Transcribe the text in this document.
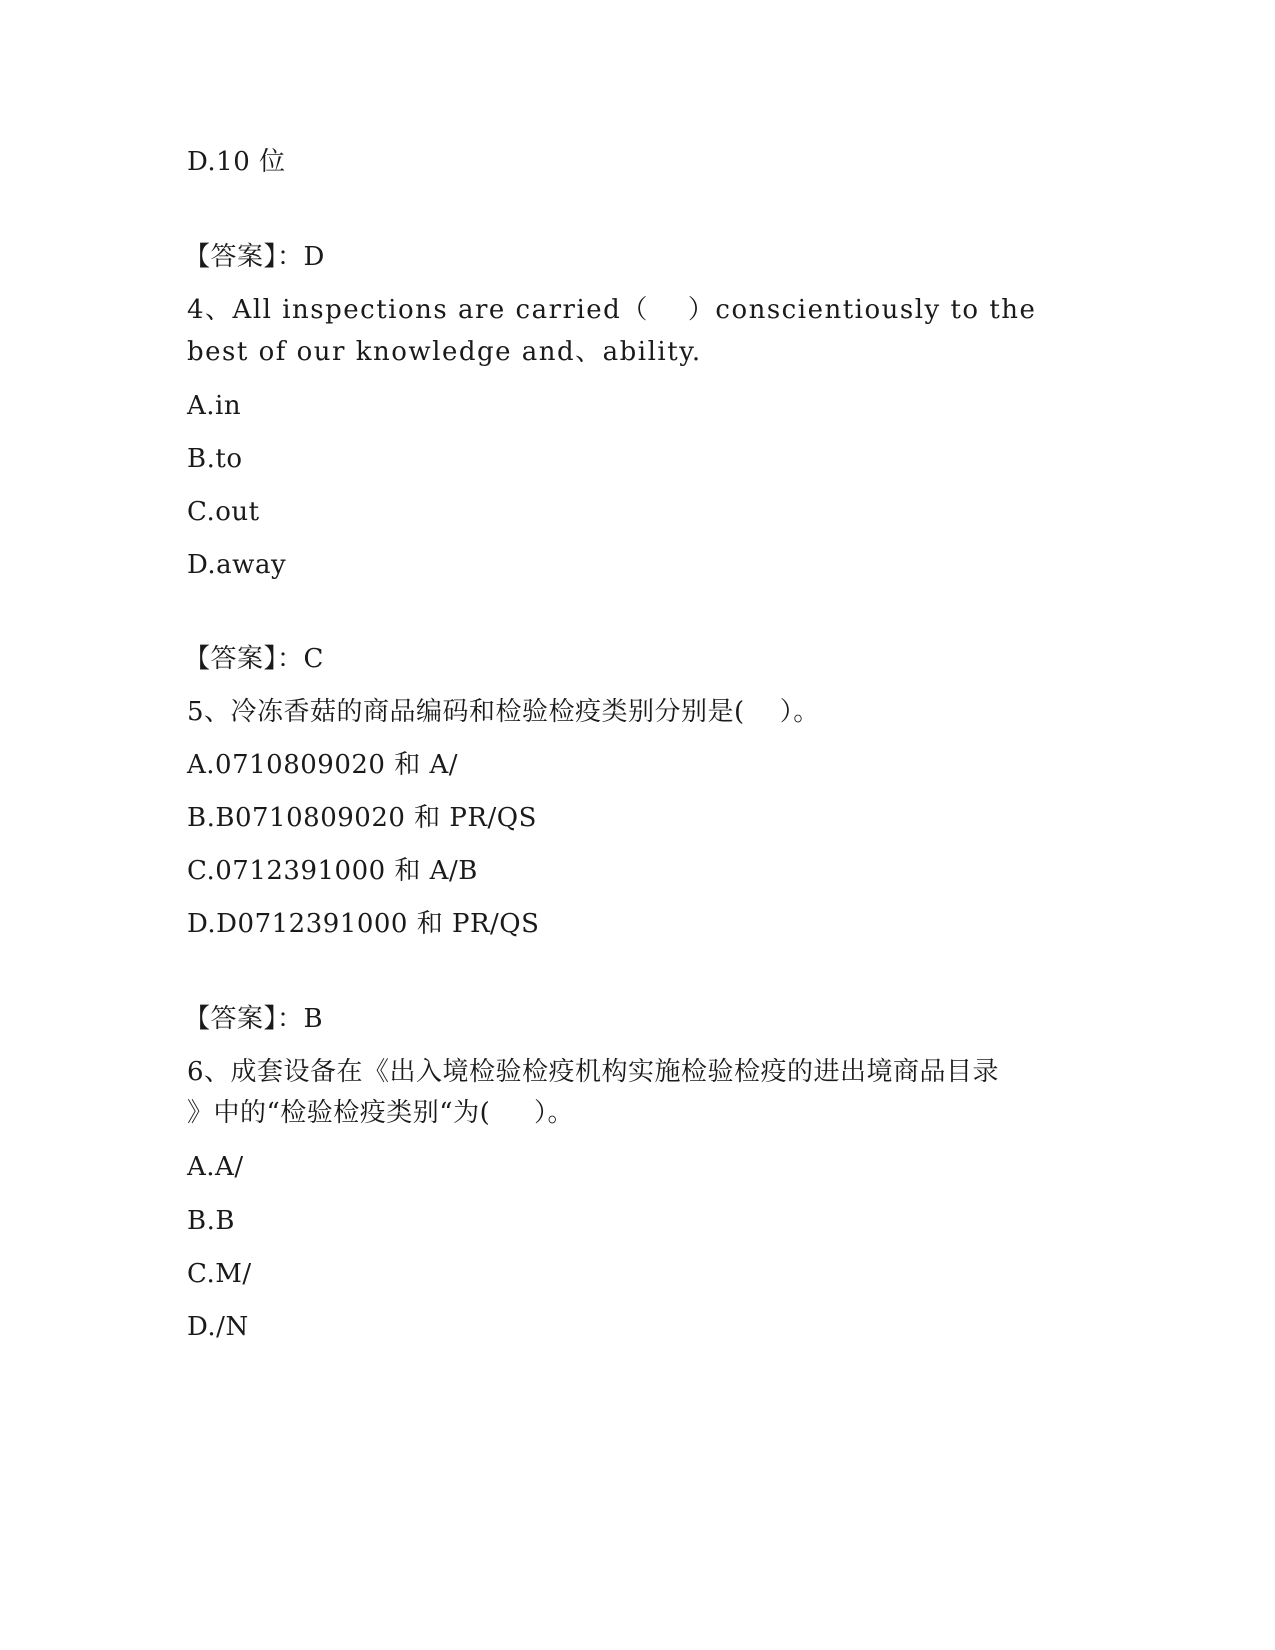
D.10 位
【答案】：D
4、All inspections are carried（    ）conscientiously to the
best of our knowledge and、ability.
A.in
B.to
C.out
D.away
【答案】：C
5、冷冻香菇的商品编码和检验检疫类别分别是(    ）。
A.0710809020 和 A/
B.B0710809020 和 PR/QS
C.0712391000 和 A/B
D.D0712391000 和 PR/QS
【答案】：B
6、成套设备在《出入境检验检疫机构实施检验检疫的进出境商品目录
》中的“检验检疫类别“为(     ）。
A.A/
B.B
C.M/
D./N
